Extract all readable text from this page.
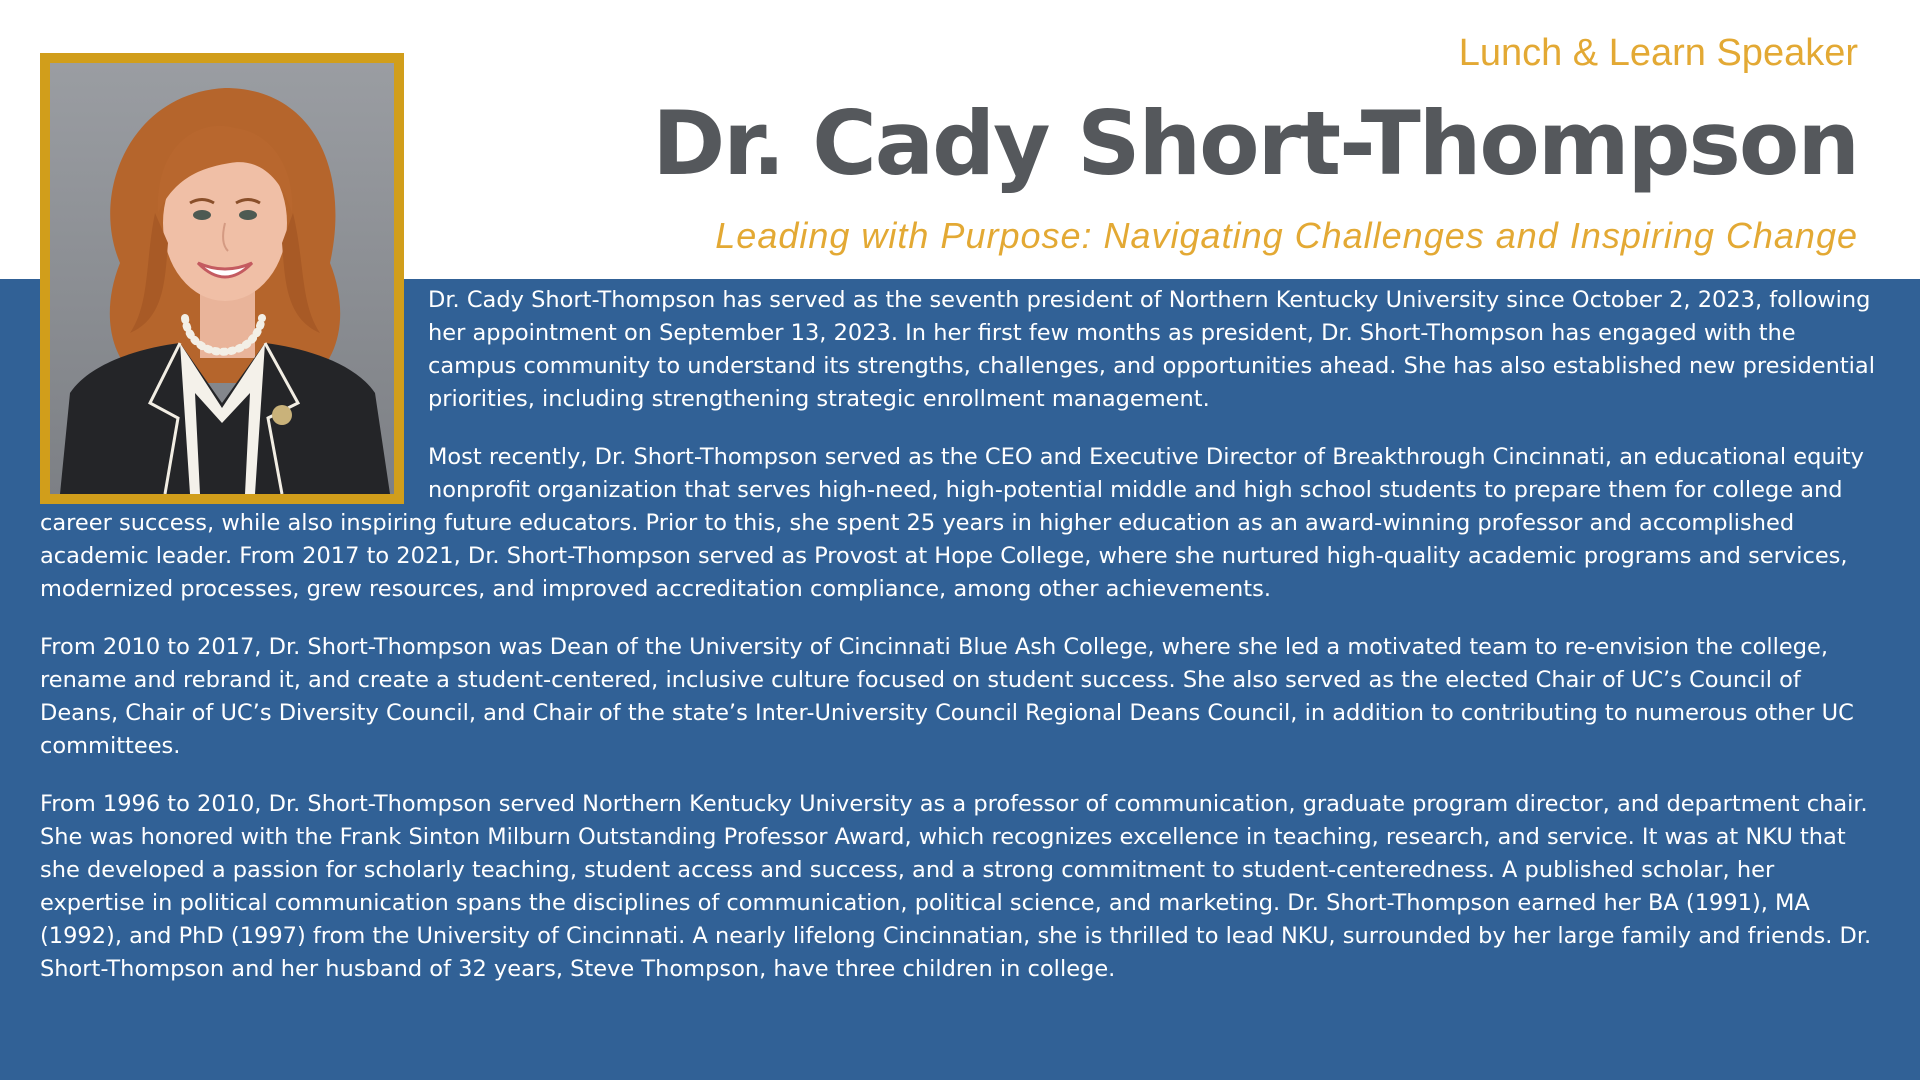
Lunch & Learn Speaker
Dr. Cady Short-Thompson
Leading with Purpose: Navigating Challenges and Inspiring Change

Dr. Cady Short-Thompson has served as the seventh president of Northern Kentucky University since October 2, 2023, following her appointment on September 13, 2023. In her first few months as president, Dr. Short-Thompson has engaged with the campus community to understand its strengths, challenges, and opportunities ahead. She has also established new presidential priorities, including strengthening strategic enrollment management.

Most recently, Dr. Short-Thompson served as the CEO and Executive Director of Breakthrough Cincinnati, an educational equity nonprofit organization that serves high-need, high-potential middle and high school students to prepare them for college and career success, while also inspiring future educators. Prior to this, she spent 25 years in higher education as an award-winning professor and accomplished academic leader. From 2017 to 2021, Dr. Short-Thompson served as Provost at Hope College, where she nurtured high-quality academic programs and services, modernized processes, grew resources, and improved accreditation compliance, among other achievements.

From 2010 to 2017, Dr. Short-Thompson was Dean of the University of Cincinnati Blue Ash College, where she led a motivated team to re-envision the college, rename and rebrand it, and create a student-centered, inclusive culture focused on student success. She also served as the elected Chair of UC’s Council of Deans, Chair of UC’s Diversity Council, and Chair of the state’s Inter-University Council Regional Deans Council, in addition to contributing to numerous other UC committees.

From 1996 to 2010, Dr. Short-Thompson served Northern Kentucky University as a professor of communication, graduate program director, and department chair. She was honored with the Frank Sinton Milburn Outstanding Professor Award, which recognizes excellence in teaching, research, and service. It was at NKU that she developed a passion for scholarly teaching, student access and success, and a strong commitment to student-centeredness. A published scholar, her expertise in political communication spans the disciplines of communication, political science, and marketing. Dr. Short-Thompson earned her BA (1991), MA (1992), and PhD (1997) from the University of Cincinnati. A nearly lifelong Cincinnatian, she is thrilled to lead NKU, surrounded by her large family and friends. Dr. Short-Thompson and her husband of 32 years, Steve Thompson, have three children in college.
